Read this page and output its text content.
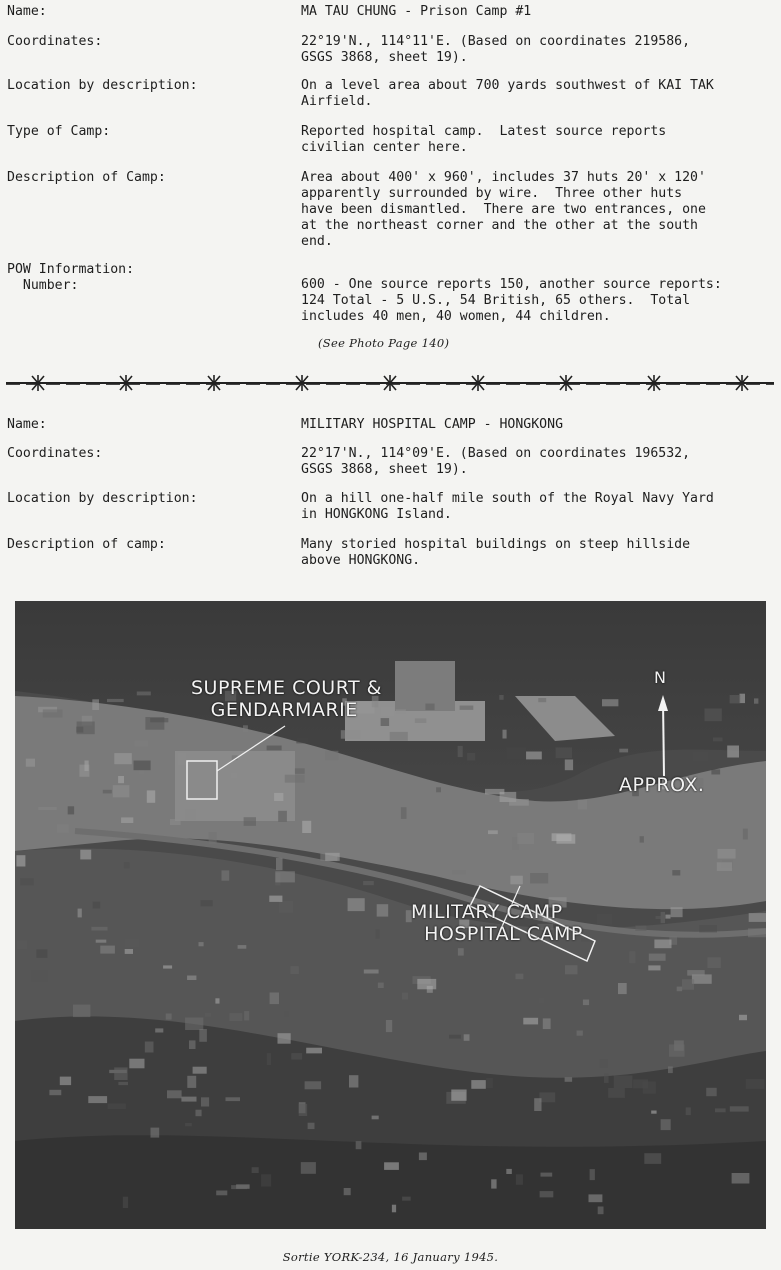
Name:	MA TAU CHUNG - Prison Camp #1
Coordinates:	22°19'N., 114°11'E. (Based on coordinates 219586,
GSGS 3868, sheet 19).
Location by description:	On a level area about 700 yards southwest of KAI TAK
Airfield.
Type of Camp:	Reported hospital camp.  Latest source reports
civilian center here.
Description of Camp:	Area about 400' x 960', includes 37 huts 20' x 120'
apparently surrounded by wire.  Three other huts
have been dismantled.  There are two entrances, one
at the northeast corner and the other at the south
end.
POW Information:
Number:	600 - One source reports 150, another source reports:
124 Total - 5 U.S., 54 British, 65 others.  Total
includes 40 men, 40 women, 44 children.
(See Photo Page 140)
Name:	MILITARY HOSPITAL CAMP - HONGKONG
Coordinates:	22°17'N., 114°09'E. (Based on coordinates 196532,
GSGS 3868, sheet 19).
Location by description:	On a hill one-half mile south of the Royal Navy Yard
in HONGKONG Island.
Description of camp:	Many storied hospital buildings on steep hillside
above HONGKONG.
SUPREME COURT &
GENDARMARIE
N
APPROX.
MILITARY CAMP
HOSPITAL CAMP
Sortie YORK-234, 16 January 1945.
